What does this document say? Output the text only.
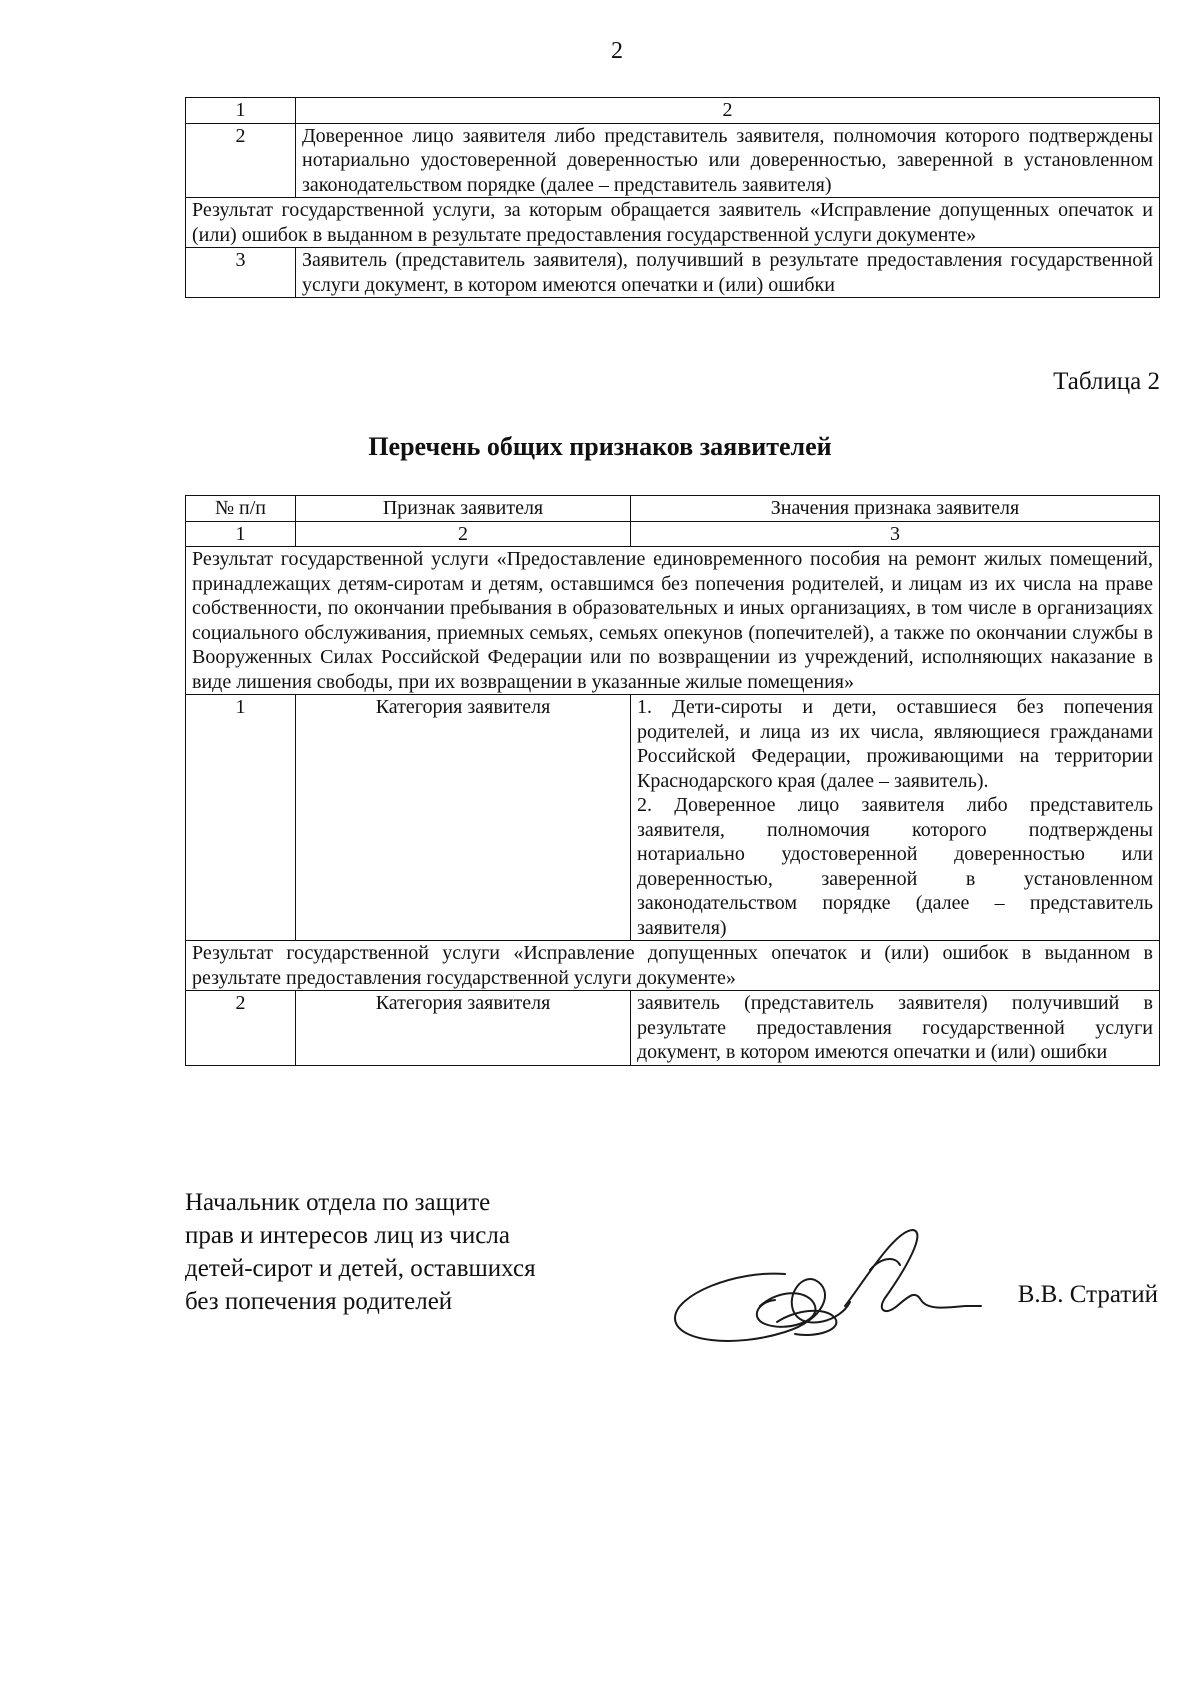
2
1	2
2	Доверенное лицо заявителя либо представитель заявителя, полномочия которого подтверждены нотариально удостоверенной доверенностью или доверенностью, заверенной в установленном законодательством порядке (далее – представитель заявителя)
Результат государственной услуги, за которым обращается заявитель «Исправление допущенных опечаток и (или) ошибок в выданном в результате предоставления государственной услуги документе»	
3	Заявитель (представитель заявителя), получивший в результате предоставления государственной услуги документ, в котором имеются опечатки и (или) ошибки
Таблица 2
Перечень общих признаков заявителей
№ п/п	Признак заявителя	Значения признака заявителя
1	2	3
Результат государственной услуги «Предоставление единовременного пособия на ремонт жилых помещений, принадлежащих детям-сиротам и детям, оставшимся без попечения родителей, и лицам из их числа на праве собственности, по окончании пребывания в образовательных и иных организациях, в том числе в организациях социального обслуживания, приемных семьях, семьях опекунов (попечителей), а также по окончании службы в Вооруженных Силах Российской Федерации или по возвращении из учреждений, исполняющих наказание в виде лишения свободы, при их возвращении в указанные жилые помещения»		
1	Категория заявителя	1. Дети-сироты и дети, оставшиеся без попечения родителей, и лица из их числа, являющиеся гражданами Российской Федерации, проживающими на территории Краснодарского края (далее – заявитель).
2. Доверенное лицо заявителя либо представитель заявителя, полномочия которого подтверждены нотариально удостоверенной доверенностью или доверенностью, заверенной в установленном законодательством порядке (далее – представитель заявителя)

Результат государственной услуги «Исправление допущенных опечаток и (или) ошибок в выданном в результате предоставления государственной услуги документе»		
2	Категория заявителя	заявитель (представитель заявителя) получивший в результате предоставления государственной услуги документ, в котором имеются опечатки и (или) ошибки
Начальник отдела по защите
прав и интересов лиц из числа
детей-сирот и детей, оставшихся
без попечения родителей	В.В. Стратий
